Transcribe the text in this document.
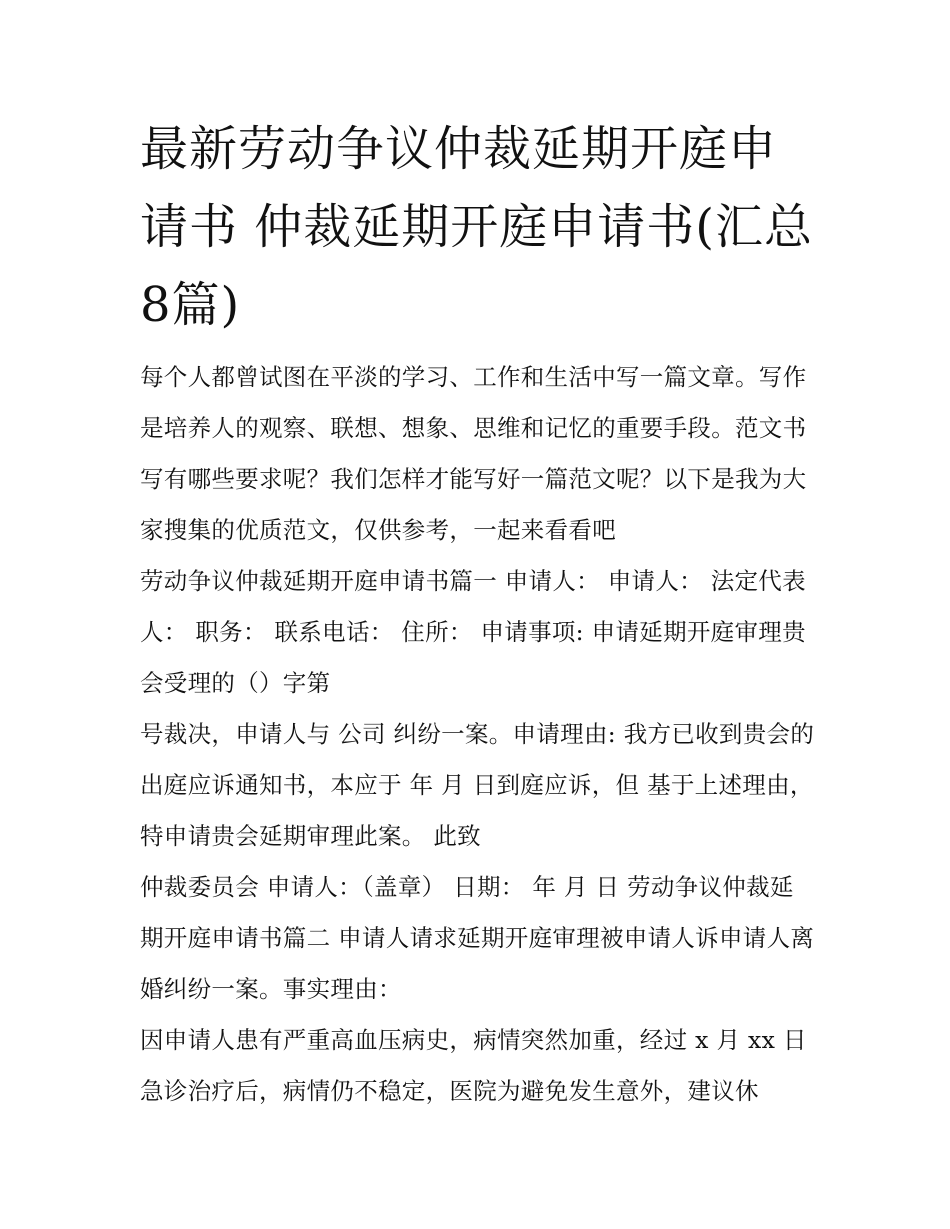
最新劳动争议仲裁延期开庭申请书 仲裁延期开庭申请书(汇总8篇)

每个人都曾试图在平淡的学习、工作和生活中写一篇文章。写作是培养人的观察、联想、想象、思维和记忆的重要手段。范文书写有哪些要求呢？我们怎样才能写好一篇范文呢？以下是我为大家搜集的优质范文，仅供参考，一起来看看吧

劳动争议仲裁延期开庭申请书篇一 申请人： 申请人： 法定代表人： 职务： 联系电话： 住所： 申请事项: 申请延期开庭审理贵会受理的（）字第

号裁决，申请人与 公司 纠纷一案。申请理由: 我方已收到贵会的出庭应诉通知书，本应于 年 月 日到庭应诉，但 基于上述理由，特申请贵会延期审理此案。 此致

仲裁委员会 申请人：（盖章） 日期： 年 月 日 劳动争议仲裁延期开庭申请书篇二 申请人请求延期开庭审理被申请人诉申请人离婚纠纷一案。事实理由：

因申请人患有严重高血压病史，病情突然加重，经过 x 月 xx 日急诊治疗后，病情仍不稳定，医院为避免发生意外，建议休
